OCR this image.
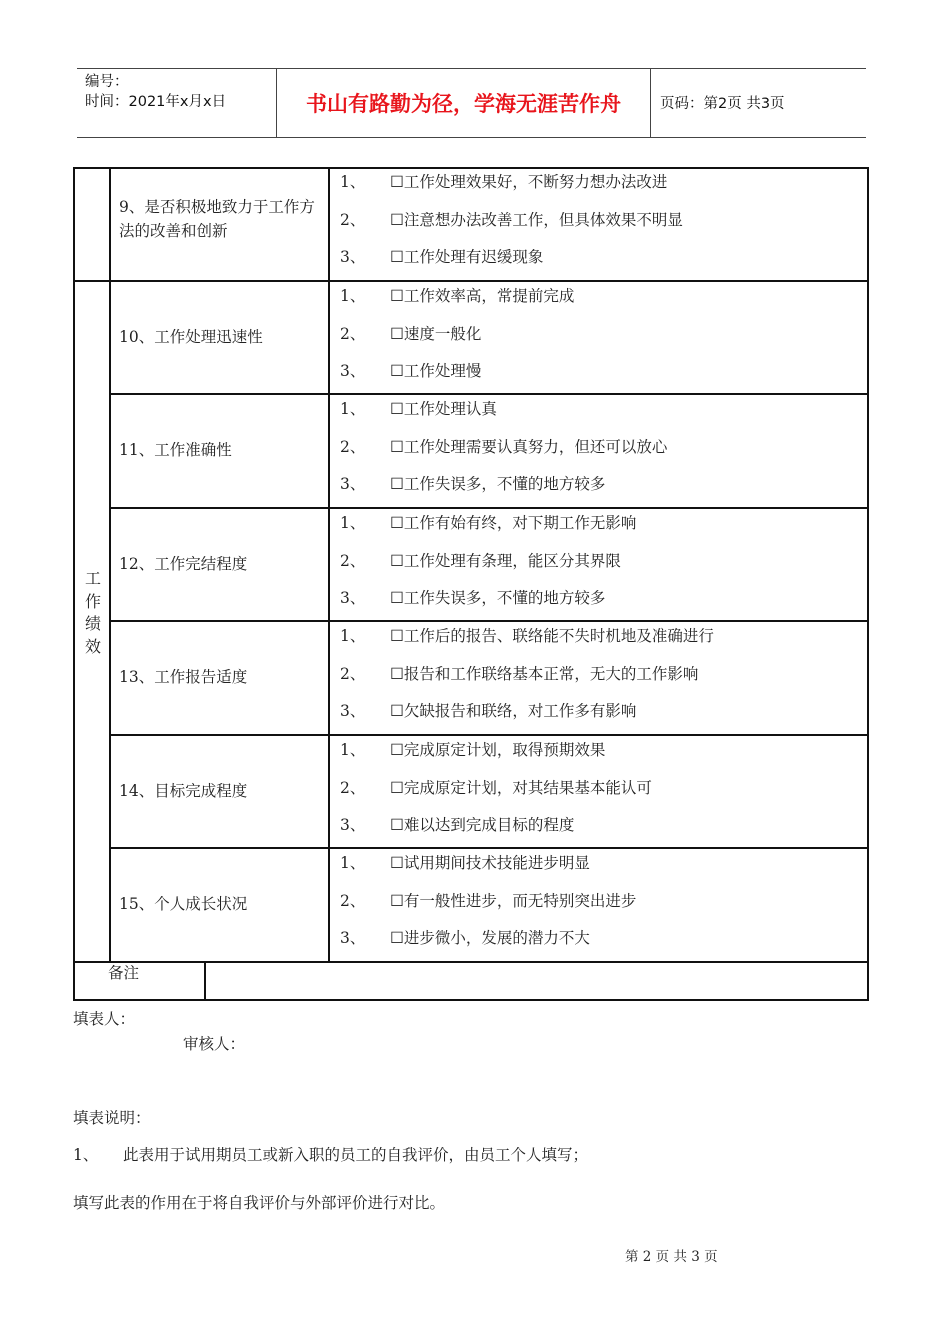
编号：
时间：2021年x月x日	书山有路勤为径，学海无涯苦作舟	页码：第2页 共3页
工
作
绩
效
备注
9、是否积极地致力于工作方法的改善和创新
1、 ☐工作处理效果好，不断努力想办法改进
2、 ☐注意想办法改善工作，但具体效果不明显
3、 ☐工作处理有迟缓现象
10、工作处理迅速性
1、 ☐工作效率高，常提前完成
2、 ☐速度一般化
3、 ☐工作处理慢
11、工作准确性
1、 ☐工作处理认真
2、 ☐工作处理需要认真努力，但还可以放心
3、 ☐工作失误多，不懂的地方较多
12、工作完结程度
1、 ☐工作有始有终，对下期工作无影响
2、 ☐工作处理有条理，能区分其界限
3、 ☐工作失误多，不懂的地方较多
13、工作报告适度
1、 ☐工作后的报告、联络能不失时机地及准确进行
2、 ☐报告和工作联络基本正常，无大的工作影响
3、 ☐欠缺报告和联络，对工作多有影响
14、目标完成程度
1、 ☐完成原定计划，取得预期效果
2、 ☐完成原定计划，对其结果基本能认可
3、 ☐难以达到完成目标的程度
15、个人成长状况
1、 ☐试用期间技术技能进步明显
2、 ☐有一般性进步，而无特别突出进步
3、 ☐进步微小，发展的潜力不大
填表人：
审核人：
填表说明：
1、 此表用于试用期员工或新入职的员工的自我评价，由员工个人填写；
填写此表的作用在于将自我评价与外部评价进行对比。
第 2 页 共 3 页
